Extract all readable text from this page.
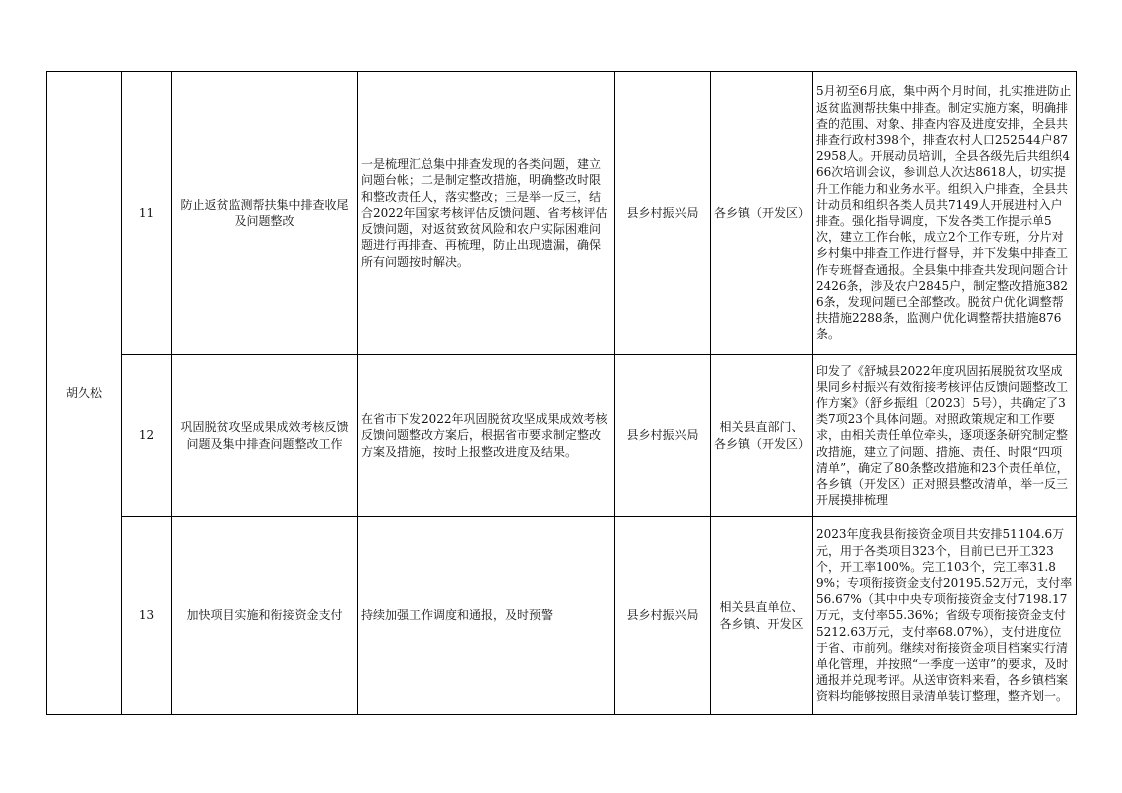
胡久松	11	防止返贫监测帮扶集中排查收尾及问题整改	一是梳理汇总集中排查发现的各类问题，建立问题台帐；二是制定整改措施，明确整改时限和整改责任人，落实整改；三是举一反三，结合2022年国家考核评估反馈问题、省考核评估反馈问题，对返贫致贫风险和农户实际困难问题进行再排查、再梳理，防止出现遗漏，确保所有问题按时解决。	县乡村振兴局	各乡镇（开发区）	5月初至6月底，集中两个月时间，扎实推进防止返贫监测帮扶集中排查。制定实施方案，明确排查的范围、对象、排查内容及进度安排，全县共排查行政村398个，排查农村人口252544户872958人。开展动员培训，全县各级先后共组织466次培训会议，参训总人次达8618人，切实提升工作能力和业务水平。组织入户排查，全县共计动员和组织各类人员共7149人开展进村入户排查。强化指导调度，下发各类工作提示单5次，建立工作台帐，成立2个工作专班，分片对乡村集中排查工作进行督导，并下发集中排查工作专班督查通报。全县集中排查共发现问题合计2426条，涉及农户2845户，制定整改措施3826条，发现问题已全部整改。脱贫户优化调整帮扶措施2288条，监测户优化调整帮扶措施876条。
	12	巩固脱贫攻坚成果成效考核反馈问题及集中排查问题整改工作	在省市下发2022年巩固脱贫攻坚成果成效考核反馈问题整改方案后，根据省市要求制定整改方案及措施，按时上报整改进度及结果。	县乡村振兴局	相关县直部门、各乡镇（开发区）	印发了《舒城县2022年度巩固拓展脱贫攻坚成果同乡村振兴有效衔接考核评估反馈问题整改工作方案》（舒乡振组〔2023〕5号），共确定了3类7项23个具体问题。对照政策规定和工作要求，由相关责任单位牵头，逐项逐条研究制定整改措施，建立了问题、措施、责任、时限“四项清单”，确定了80条整改措施和23个责任单位，各乡镇（开发区）正对照县整改清单，举一反三开展摸排梳理
	13	加快项目实施和衔接资金支付	持续加强工作调度和通报，及时预警	县乡村振兴局	相关县直单位、各乡镇、开发区	2023年度我县衔接资金项目共安排51104.6万元，用于各类项目323个，目前已已开工323个，开工率100%。完工103个，完工率31.89%；专项衔接资金支付20195.52万元，支付率56.67%（其中中央专项衔接资金支付7198.17万元，支付率55.36%；省级专项衔接资金支付5212.63万元，支付率68.07%），支付进度位于省、市前列。继续对衔接资金项目档案实行清单化管理，并按照“一季度一送审”的要求，及时通报并兑现考评。从送审资料来看，各乡镇档案资料均能够按照目录清单装订整理，整齐划一。
